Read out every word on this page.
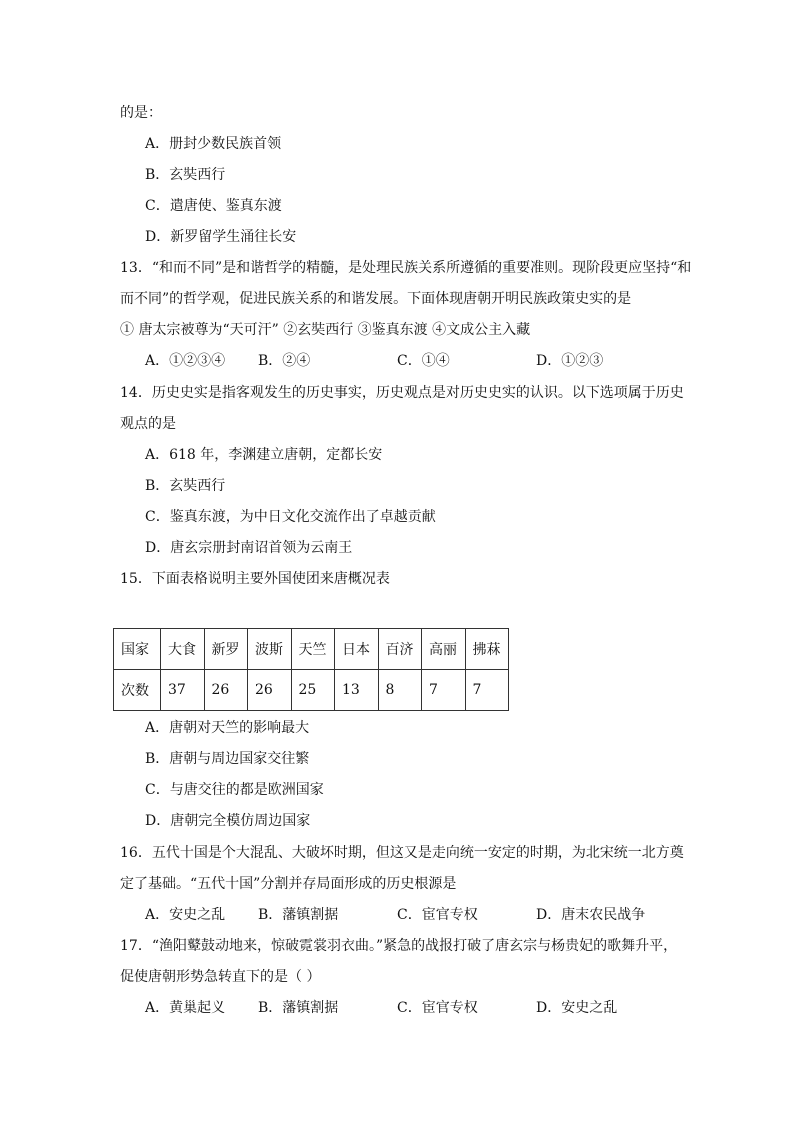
的是：
A．册封少数民族首领
B．玄奘西行
C．遣唐使、鉴真东渡
D．新罗留学生涌往长安
13．“和而不同”是和谐哲学的精髓，是处理民族关系所遵循的重要准则。现阶段更应坚持“和
而不同”的哲学观，促进民族关系的和谐发展。下面体现唐朝开明民族政策史实的是
① 唐太宗被尊为“天可汗” ②玄奘西行 ③鉴真东渡 ④文成公主入藏
A．①②③④ B．②④	C．①④	D．①②③
14．历史史实是指客观发生的历史事实，历史观点是对历史史实的认识。以下选项属于历史
观点的是
A．618 年，李渊建立唐朝，定都长安
B．玄奘西行
C．鉴真东渡，为中日文化交流作出了卓越贡献
D．唐玄宗册封南诏首领为云南王
15．下面表格说明主要外国使团来唐概况表
国家	大食	新罗	波斯	天竺	日本	百济	高丽	拂菻
次数	37	26	26	25	13	8	7	7
A．唐朝对天竺的影响最大
B．唐朝与周边国家交往繁
C．与唐交往的都是欧洲国家
D．唐朝完全模仿周边国家
16．五代十国是个大混乱、大破坏时期，但这又是走向统一安定的时期，为北宋统一北方奠
定了基础。“五代十国”分割并存局面形成的历史根源是
A．安史之乱 B．藩镇割据	C．宦官专权	D．唐末农民战争
17．“渔阳鼙鼓动地来，惊破霓裳羽衣曲。”紧急的战报打破了唐玄宗与杨贵妃的歌舞升平，
促使唐朝形势急转直下的是（ ）
A．黄巢起义 B．藩镇割据	C．宦官专权	D．安史之乱
